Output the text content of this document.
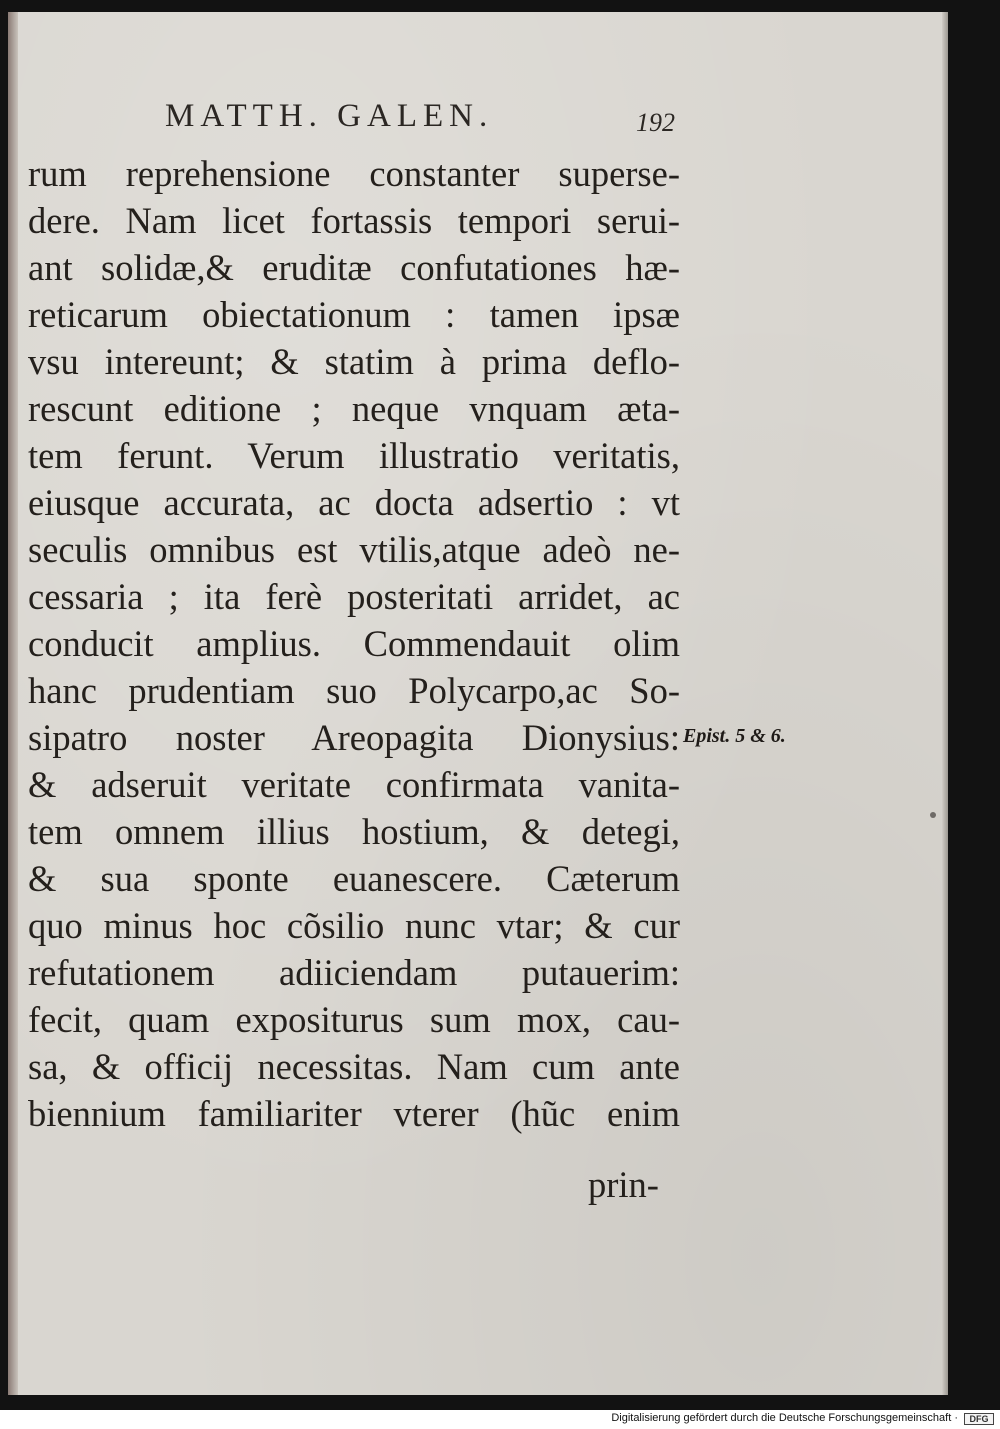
MATTH. GALEN.	192
rum reprehensione constanter superse-
dere. Nam licet fortassis tempori serui-
ant solidæ,& eruditæ confutationes hæ-
reticarum obiectationum : tamen ipsæ
vsu intereunt; & statim à prima deflo-
rescunt editione ; neque vnquam æta-
tem ferunt. Verum illustratio veritatis,
eiusque accurata, ac docta adsertio : vt
seculis omnibus est vtilis,atque adeò ne-
cessaria ; ita ferè posteritati arridet, ac
conducit amplius. Commendauit olim
hanc prudentiam suo Polycarpo,ac So-
sipatro noster Areopagita Dionysius:
& adseruit veritate confirmata vanita-
tem omnem illius hostium, & detegi,
& sua sponte euanescere. Cæterum
quo minus hoc cõsilio nunc vtar; & cur
refutationem adiiciendam putauerim:
fecit, quam expositurus sum mox, cau-
sa, & officij necessitas. Nam cum ante
biennium familiariter vterer (hũc enim
prin-
Epist. 5 & 6.
Digitalisierung gefördert durch die Deutsche Forschungsgemeinschaft ·	DFG
